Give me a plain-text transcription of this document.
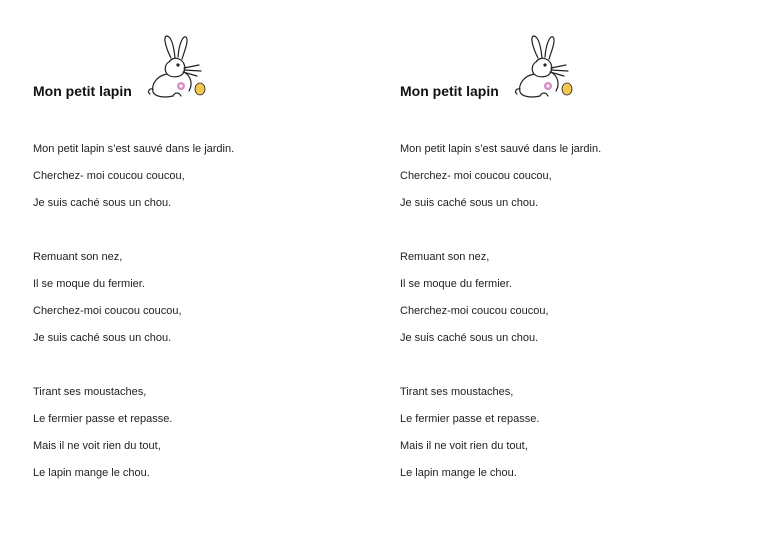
Mon petit lapin
Mon petit lapin s’est sauvé dans le jardin.
Cherchez- moi coucou coucou,
Je suis caché sous un chou.
Remuant son nez,
Il se moque du fermier.
Cherchez-moi coucou coucou,
Je suis caché sous un chou.
Tirant ses moustaches,
Le fermier passe et repasse.
Mais il ne voit rien du tout,
Le lapin mange le chou.
Mon petit lapin
Mon petit lapin s’est sauvé dans le jardin.
Cherchez- moi coucou coucou,
Je suis caché sous un chou.
Remuant son nez,
Il se moque du fermier.
Cherchez-moi coucou coucou,
Je suis caché sous un chou.
Tirant ses moustaches,
Le fermier passe et repasse.
Mais il ne voit rien du tout,
Le lapin mange le chou.
